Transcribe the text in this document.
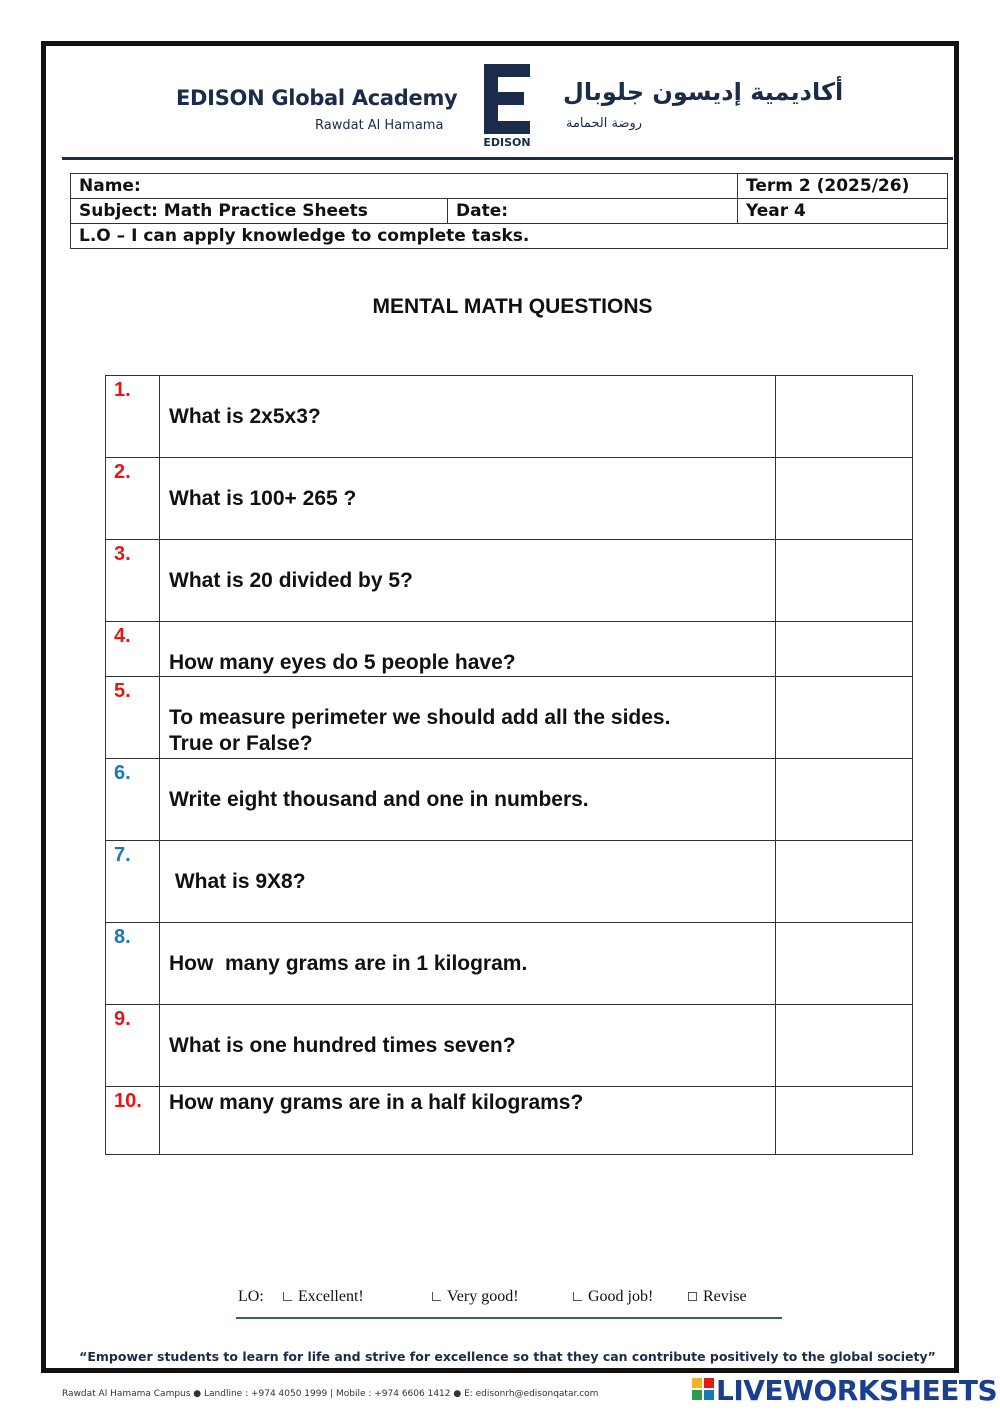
EDISON Global Academy
Rawdat Al Hamama
EDISON
أكاديمية إديسون جلوبال
روضة الحمامة
Name:		Term 2 (2025/26)
Subject: Math Practice Sheets	Date:	Year 4
L.O – I can apply knowledge to complete tasks.		
MENTAL MATH QUESTIONS
1.	What is 2x5x3?	
2.	What is 100+ 265 ?	
3.	What is 20 divided by 5?	
4.	How many eyes do 5 people have?	
5.	To measure perimeter we should add all the sides.
True or False?	

6.	Write eight thousand and one in numbers.	
7.	What is 9X8?	
8.	How  many grams are in 1 kilogram.	
9.	What is one hundred times seven?	
10.	How many grams are in a half kilograms?	
LO:	Excellent!	Very good!	Good job!	Revise
“Empower students to learn for life and strive for excellence so that they can contribute positively to the global society”
Rawdat Al Hamama Campus ● Landline : +974 4050 1999 | Mobile : +974 6606 1412 ● E: edisonrh@edisonqatar.com	LIVEWORKSHEETS
